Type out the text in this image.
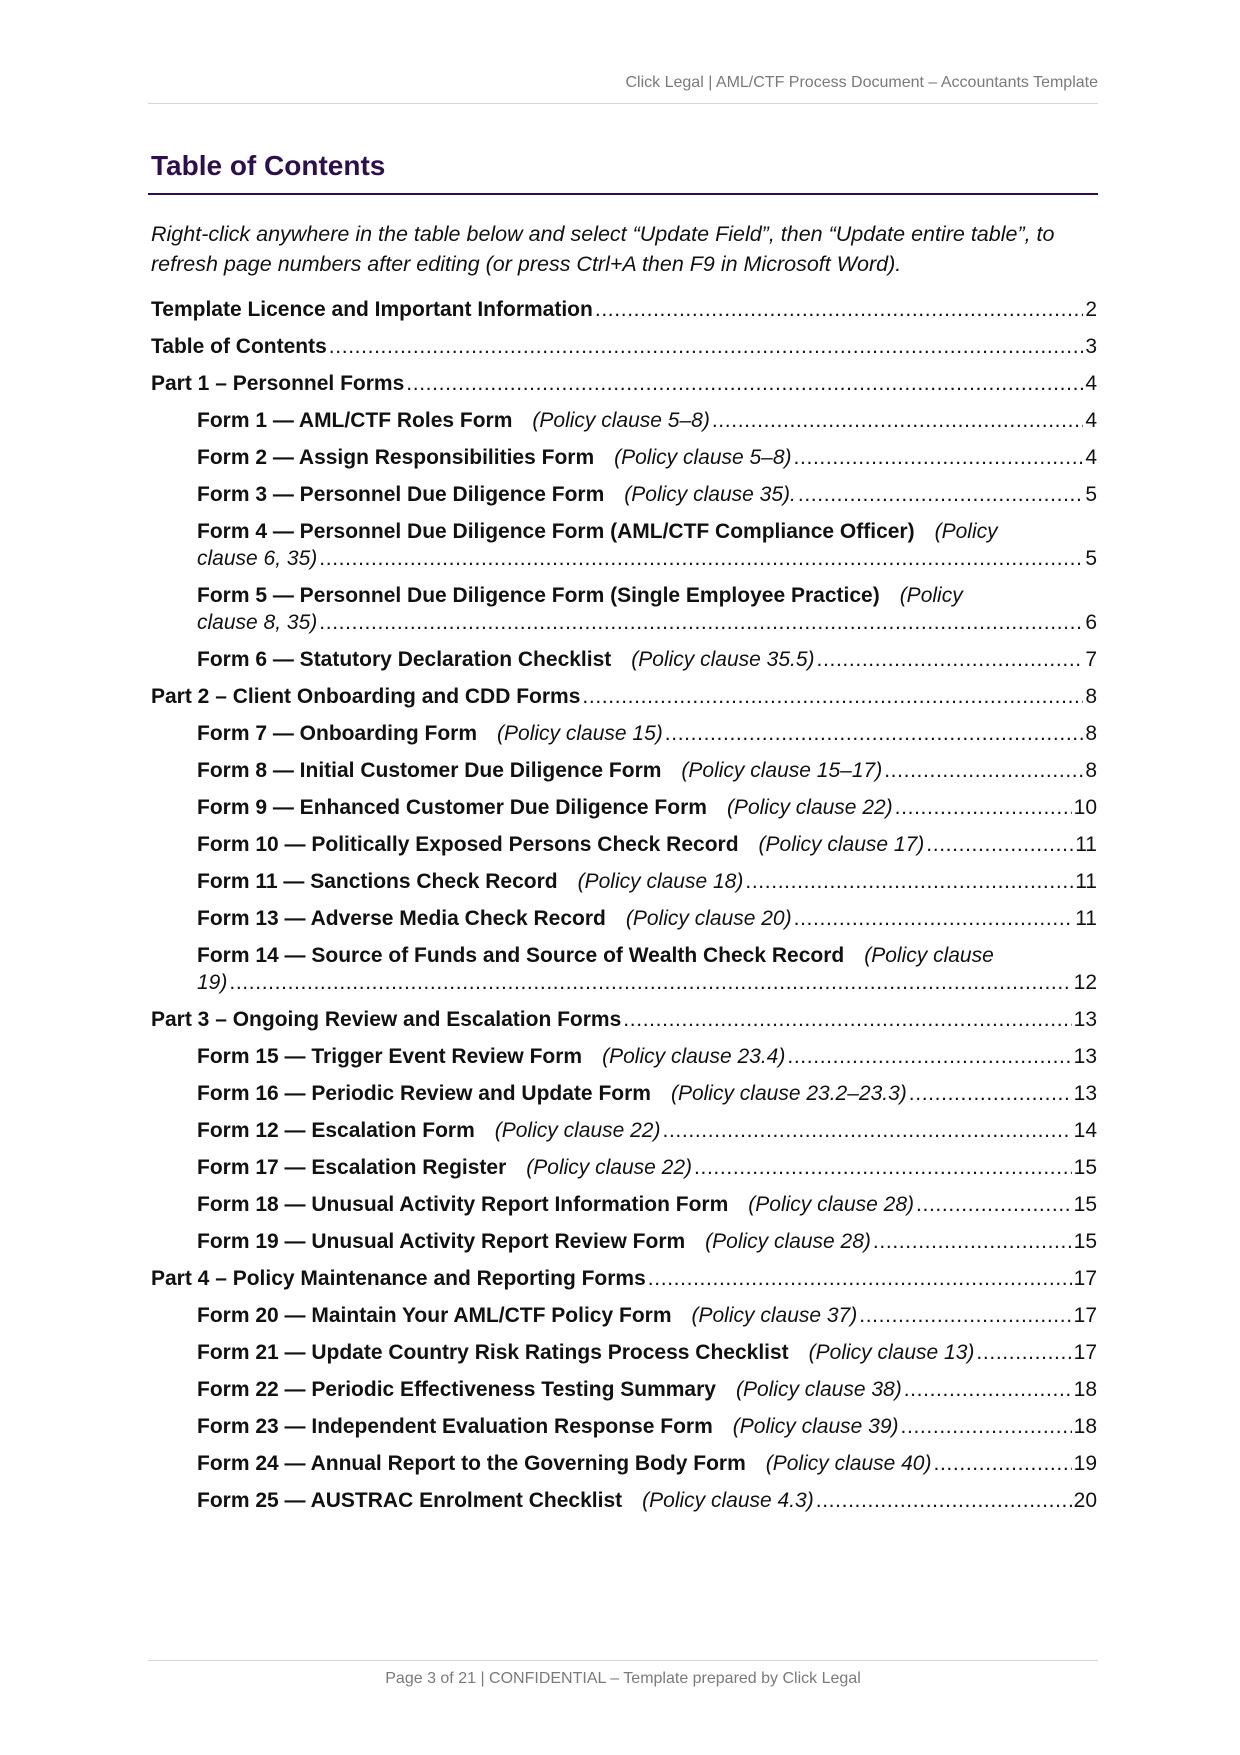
Click Legal | AML/CTF Process Document – Accountants Template
Table of Contents

Right-click anywhere in the table below and select “Update Field”, then “Update entire table”, to refresh page numbers after editing (or press Ctrl+A then F9 in Microsoft Word).

Template Licence and Important Information . . .	2
Table of Contents . . .	3
Part 1 – Personnel Forms . . .	4
Form 1 — AML/CTF Roles Form (Policy clause 5–8) . . .	4
Form 2 — Assign Responsibilities Form (Policy clause 5–8) . . .	4
Form 3 — Personnel Due Diligence Form (Policy clause 35). . . .	5
Form 4 — Personnel Due Diligence Form (AML/CTF Compliance Officer) (Policy
clause 6, 35) . . .	5
Form 5 — Personnel Due Diligence Form (Single Employee Practice) (Policy
clause 8, 35) . . .	6
Form 6 — Statutory Declaration Checklist (Policy clause 35.5) . . .	7
Part 2 – Client Onboarding and CDD Forms . . .	8
Form 7 — Onboarding Form (Policy clause 15) . . .	8
Form 8 — Initial Customer Due Diligence Form (Policy clause 15–17) . . .	8
Form 9 — Enhanced Customer Due Diligence Form (Policy clause 22) . . .	10
Form 10 — Politically Exposed Persons Check Record (Policy clause 17) . . .	11
Form 11 — Sanctions Check Record (Policy clause 18) . . .	11
Form 13 — Adverse Media Check Record (Policy clause 20) . . .	11
Form 14 — Source of Funds and Source of Wealth Check Record (Policy clause
19) . . .	12
Part 3 – Ongoing Review and Escalation Forms . . .	13
Form 15 — Trigger Event Review Form (Policy clause 23.4) . . .	13
Form 16 — Periodic Review and Update Form (Policy clause 23.2–23.3) . . .	13
Form 12 — Escalation Form (Policy clause 22) . . .	14
Form 17 — Escalation Register (Policy clause 22) . . .	15
Form 18 — Unusual Activity Report Information Form (Policy clause 28) . . .	15
Form 19 — Unusual Activity Report Review Form (Policy clause 28) . . .	15
Part 4 – Policy Maintenance and Reporting Forms . . .	17
Form 20 — Maintain Your AML/CTF Policy Form (Policy clause 37) . . .	17
Form 21 — Update Country Risk Ratings Process Checklist (Policy clause 13) . . .	17
Form 22 — Periodic Effectiveness Testing Summary (Policy clause 38) . . .	18
Form 23 — Independent Evaluation Response Form (Policy clause 39) . . .	18
Form 24 — Annual Report to the Governing Body Form (Policy clause 40) . . .	19
Form 25 — AUSTRAC Enrolment Checklist (Policy clause 4.3) . . .	20
Page 3 of 21 | CONFIDENTIAL – Template prepared by Click Legal
